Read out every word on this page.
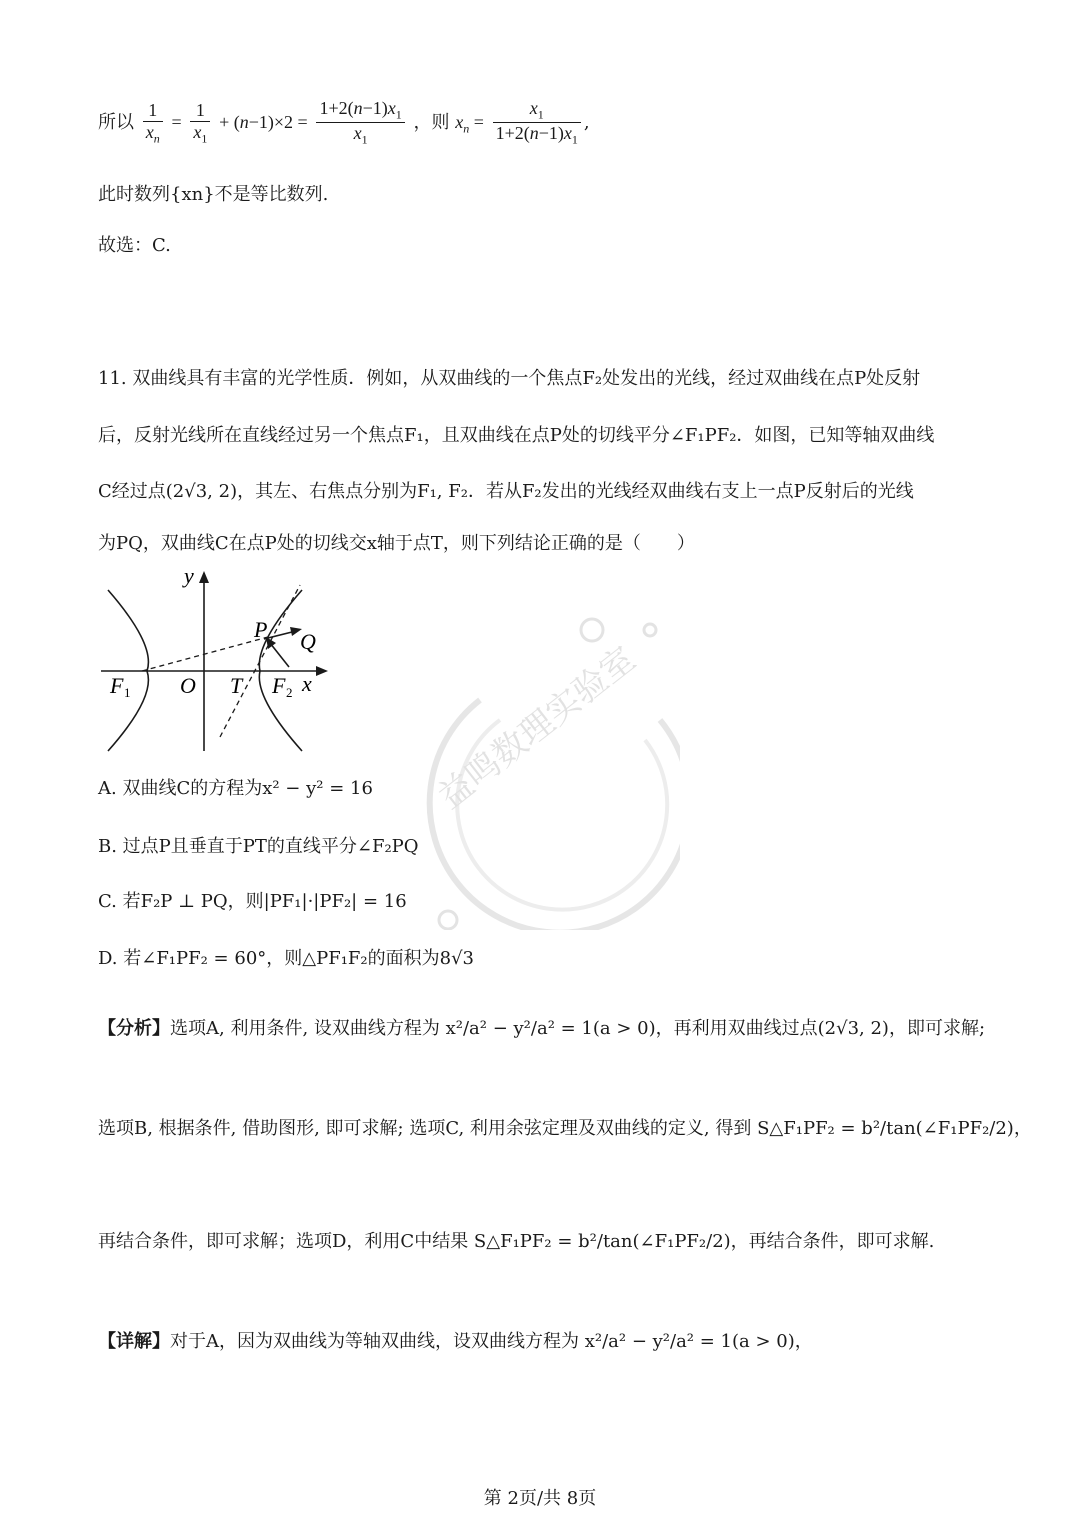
所以 $\frac{1}{x_n} = \frac{1}{x_1} + (n-1)\times 2 = \frac{1+2(n-1)x_1}{x_1}$ ，则 $x_n = \frac{x_1}{1+2(n-1)x_1}$ ,
此时数列{xn}不是等比数列.
故选：C.
11. 双曲线具有丰富的光学性质．例如，从双曲线的一个焦点F₂处发出的光线，经过双曲线在点P处反射
后，反射光线所在直线经过另一个焦点F₁，且双曲线在点P处的切线平分∠F₁PF₂．如图，已知等轴双曲线
C经过点(2√3, 2)，其左、右焦点分别为F₁, F₂．若从F₂发出的光线经双曲线右支上一点P反射后的光线
为PQ，双曲线C在点P处的切线交x轴于点T，则下列结论正确的是（　　）
y
P Q
F 1 O T F 2 x	益鸣数理实验室
A. 双曲线C的方程为x² − y² = 16
B. 过点P且垂直于PT的直线平分∠F₂PQ
C. 若F₂P ⊥ PQ，则|PF₁|·|PF₂| = 16
D. 若∠F₁PF₂ = 60°，则△PF₁F₂的面积为8√3
【分析】选项A, 利用条件, 设双曲线方程为 x²/a² − y²/a² = 1(a > 0)，再利用双曲线过点(2√3, 2)，即可求解;
选项B, 根据条件, 借助图形, 即可求解; 选项C, 利用余弦定理及双曲线的定义, 得到 S△F₁PF₂ = b²/tan(∠F₁PF₂/2)，
再结合条件，即可求解；选项D，利用C中结果 S△F₁PF₂ = b²/tan(∠F₁PF₂/2)，再结合条件，即可求解.
【详解】对于A，因为双曲线为等轴双曲线，设双曲线方程为 x²/a² − y²/a² = 1(a > 0)，
第 2页/共 8页
